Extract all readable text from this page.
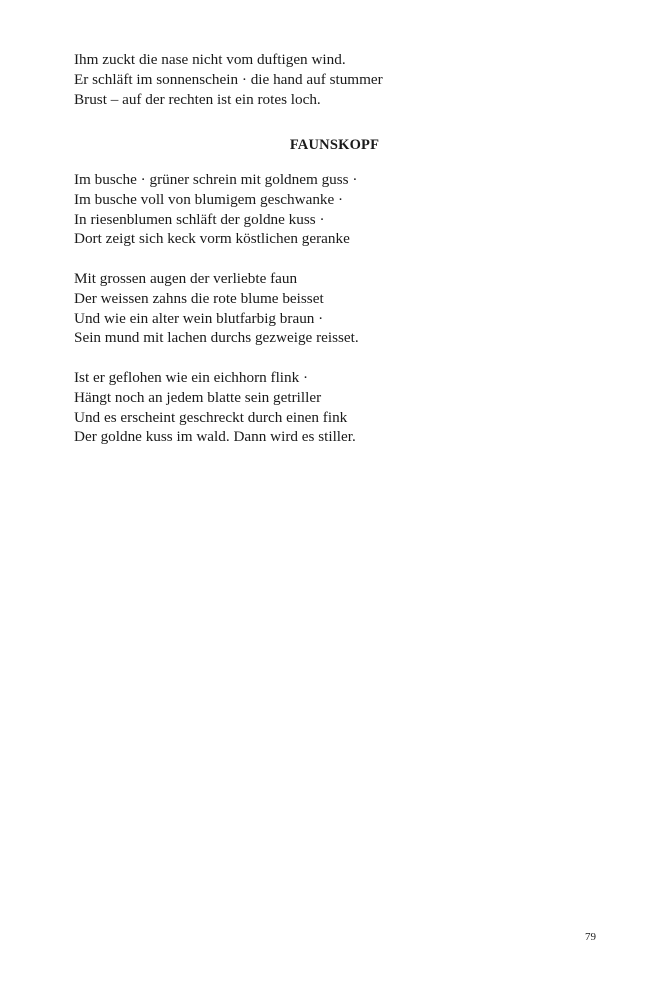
Ihm zuckt die nase nicht vom duftigen wind.
Er schläft im sonnenschein · die hand auf stummer
Brust – auf der rechten ist ein rotes loch.
FAUNSKOPF
Im busche · grüner schrein mit goldnem guss ·
Im busche voll von blumigem geschwanke ·
In riesenblumen schläft der goldne kuss ·
Dort zeigt sich keck vorm köstlichen geranke
Mit grossen augen der verliebte faun
Der weissen zahns die rote blume beisset
Und wie ein alter wein blutfarbig braun ·
Sein mund mit lachen durchs gezweige reisset.
Ist er geflohen wie ein eichhorn flink ·
Hängt noch an jedem blatte sein getriller
Und es erscheint geschreckt durch einen fink
Der goldne kuss im wald. Dann wird es stiller.
79
